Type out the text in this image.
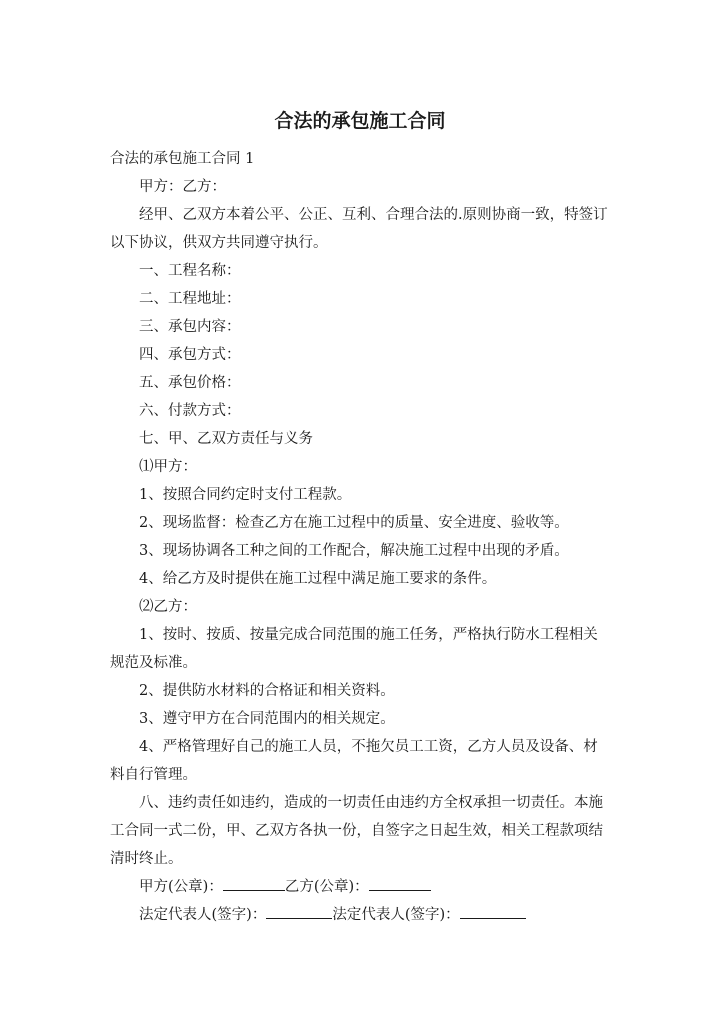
合法的承包施工合同

合法的承包施工合同 1

甲方：乙方：

经甲、乙双方本着公平、公正、互利、合理合法的.原则协商一致，特签订以下协议，供双方共同遵守执行。

一、工程名称：

二、工程地址：

三、承包内容：

四、承包方式：

五、承包价格：

六、付款方式：

七、甲、乙双方责任与义务

⑴甲方：

1、按照合同约定时支付工程款。

2、现场监督：检查乙方在施工过程中的质量、安全进度、验收等。

3、现场协调各工种之间的工作配合，解决施工过程中出现的矛盾。

4、给乙方及时提供在施工过程中满足施工要求的条件。

⑵乙方：

1、按时、按质、按量完成合同范围的施工任务，严格执行防水工程相关规范及标准。

2、提供防水材料的合格证和相关资料。

3、遵守甲方在合同范围内的相关规定。

4、严格管理好自己的施工人员，不拖欠员工工资，乙方人员及设备、材料自行管理。

八、违约责任如违约，造成的一切责任由违约方全权承担一切责任。本施工合同一式二份，甲、乙双方各执一份，自签字之日起生效，相关工程款项结清时终止。

甲方(公章)：	乙方(公章)：

法定代表人(签字)：	法定代表人(签字)：
